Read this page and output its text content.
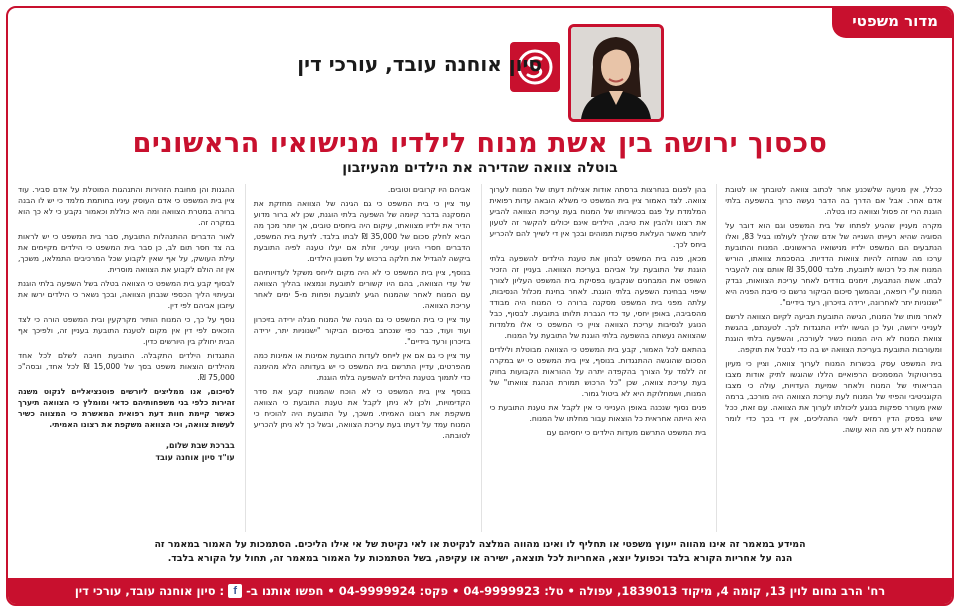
מדור משפטי
סיון אוחנה עובד, עורכי דין
סכסוך ירושה בין אשת מנוח לילדיו מנישואיו הראשונים
בוטלה צוואה שהדירה את הילדים מהעיזבון

ככלל, אין מניעה שלשכנע אחר לכתוב צוואה לטובתך או לטובת אדם אחר. אבל אם הדרך בה הדבר נעשה כרוך בהשפעה בלתי הוגנת הרי זה פסול וצוואה כזו בטלה.

מקרה מעניין שהגיע לפתחו של בית המשפט וגם הוא דובר על הסוגיה שהיא רעייתו השנייה של אדם שהלך לעולמו בגיל 83, ואלו הנתבעים הם המשפט ילדיו מנישואיו הראשונים. המנוח והתובעת ערכו מה שנחזה להיות צוואות הדדיות. בהסכמת צוואתו, הוריש המנוח את כל רכושו לתובעת. מלבד 35,000 ₪ אותם צוה להעביר לבתו. אשת הנתבעת, זימנים בודדים לאחר עריכת הצוואות, נבדק המנוח ע"י רופאה, ובהמשך סיכום הביקור נרשם כי סיבת הפניה היא "ישנוניות יתר לאחרונה, ירידה בזיכרון, רעד בידיים".

לאחר מותו של המנוח, הגישה התובעת תביעה לקיום הצוואה לרשם לענייני ירושה, ועל כן הגישו ילדיו התנגדות לכך. לטענתם, בהגשת צוואת המנוח לא היה המנוח כשיר לעורכה, והשפעה בלתי הוגנת ומעורבות התובעת בעריכת הצוואה יש בה כדי לבטל את תוקפה.

בית המשפט עסק בכשרות המנוח לערוך צוואה, וציין כי מעיון בפרוטוקול המסמכים הרפואיים הללו שהוגשו לתיק אודות מצבו הבריאותי של המנוח ולאחר שמיעת העדויות, עולה כי מצבו הקוגניטיבי והפיזי של המנוח לעת עריכת הצוואה היה מורכב, ברמה שאין מעורר ספקות בנוגע ליכולתו לערוך את הצוואה. עם זאת, ככל שיש בפסק הדין רמזים לשני התהליכים, אין די בכך כדי לומר שהמנוח לא ידע מה הוא עושה.

בהן לפגום בנחרצות ברסתה אודות אצילות דעתו של המנוח לערוך צוואה. לצד האמור ציין בית המשפט כי משלא הובאה עדות רפואית המלמדת על פגם בכשירותו של המנוח בעת עריכת הצוואה להביע את רצונו ולהבין את טיבה, הילדים אינם יכולים להקשר זה לטעון ליותר מאשר העלאת ספקות תמוהים ובכך אין די לשייך להם להכריע ביחס לכך.

מכאן, פנה בית המשפט לבחון את טענת הילדים להשפעה בלתי הוגנת של התובעת על אביהם בעריכת הצוואה. בעניין זה הזכיר השופט את המבחנים שנקבעו בפסיקת בית המשפט העליון לצורך שיפוי בבחינת השפעה בלתי הוגנת. לאחר בחינת מכלול הנסיבות, עלתה מפני בית המשפט מסקנה ברורה כי המנוח היה מבודד מהסביבה, באופן יחסי, עד כדי הגברת תלותו בתובעת. לבסוף, כבל הנוגע לנסיבות עריכת הצוואה צויין כי המשפט כי אלו מלמדות שהצוואה נעשתה בהשפעה בלתי הוגנת של התובעת על המנוח.

בהתאם לכל האמור, קבע בית המשפט כי הצוואה מבוטלת ולילדים הסכום שהוגשה ההתנגדות. בנוסף, ציין בית המשפט כי יש במקרה זה ללמד על הצורך בהקפדה יתרה על ההוראות הקבועות בחוק בעת עריכת צוואה, שכן "כל הרכוש תמורת הנהגת צוואתו" של המנוח, ושמחלוקת היא לא ביטול גמור.

פנים נסוף שנכנה באופן הענייני כי אין לקבל את טענת התובעת כי היא הייתה אחראית כל הוצאות עבור מחלתו של המנוח.

בית המשפט התרשם מעדות הילדים כי יחסיהם עם

אביהם היו קרובים וטובים.

עוד ציין כי בית המשפט כי גם הגינה של הצוואה מחזקת את המסקנה בדבר קיומה של השפעה בלתי הוגנת, שכן לא ברור מדוע הדיר את ילדיו מצוואתו, עיקום היה ביחסים טובים, אך יותר מכך מה הביא לחלק סכום של 35,000 ₪ לבתו בלבד. לדעת בית המשפט, הדברים חסרי היגיון ענייני, זולת אם יעלו טענה לפיה התובעת ביקשה להגדיל את חלקה ברכוש על חשבון הילדים.

בנוסף, ציין בית המשפט כי לא היה מקום לייחס משקל לעדויותיהם של עדי הצוואה, בהם היו קשורים לתובעת ונמצאו בהליך הצוואה עם המנוח לאחר שהמנוח הגיע לתובעת ופחות מ-5 ימים לאחר עריכת הצוואה.

עוד ציין כי בית המשפט כי גם הגינה של המנוח מגלה ירידה בזיכרון ועוד ועוד, כבר כפי שנכתב בסיכום הביקור "ישנוניות יתר, ירידה בזיכרון ורעד בידיים".

עוד ציין כי גם אם אין לייחס לעדות התובעת אמינות או אמינות כמה מהפרטים, עדיין התרשם בית המשפט כי יש בעדותה הלא מהימנה כדי לתמוך בטענת הילדים להשפעה בלתי הוגנת.

בנוסף ציין בית המשפט כי לא הוכח שהמנוח קבע את סדר הקדימויות, ולכן לא ניתן לקבל את טענת התובעת כי הצוואה משקפת את רצונו האמיתי. משכך, על התובעת היה להוכיח כי המנוח עמד על דעתו בעת עריכת הצוואה, ובשל כך לא ניתן להכריע לטובתה.

ההגנות והן מחובת הזהירות והתנהגות המוטלת על אדם סביר. עוד ציין בית המשפט כי אדם העוסק עיניו בחותמת מלמד כי יש לו הבנה ברורה במטרת הצוואה ומה היא כוללת וכאמור נקבע כי לא כך הוא במקרה זה.

לאור הדברים ההתנהלות התובעת, סבר בית המשפט כי יש לראות בה צד חסר תום לב, כן סבר בית המשפט כי הילדים מקיימים את עילת העושק, על אף שאין לקבוע שכל המרכיבים התמלאו, משכך, אין זה הולם לקבוע את הצוואה מוסרית.

לבסוף קבע בית המשפט כי הצוואה בטלה בשל השפעה בלתי הוגנת ובעיתוי הליך הכספי שנבחן הצוואה, ובכך נשאר כי הילדים ירשו את עיזבון אביהם לפי דין.

נוסף על כך, כי המנוח הותיר מקרקעין ובית המשפט הורה כי לצד הזכאים לפי דין אין מקום לטענת התובעת בעניין זה, ולפיכך אף הבית יחולק בין היורשים כדין.

התנגדות הילדים התקבלה. התובעת חויבה לשלם לכל אחד מהילדים הוצאות משפט בסך של 15,000 ₪ לכל אחד, ובסה"כ 75,000 ₪.

לסיכום, אנו ממליצים ליורשים פוטנציאליים לנקוט משנה זהירות כלפי בני משפחותיהם כדאי ומומלץ כי הצוואה תיערך כאשר קיימת חוות דעת רפואית המאשרת כי המצווה כשיר לעשות צוואה, וכי הצוואה משקפת את רצונו האמיתי.

בברכת שבת שלום,
עו"ד סיון אוחנה עובד
המידע במאמר זה אינו מהווה ייעוץ משפטי או תחליף לו ואינו מהווה המלצה לנקיטת או לאי נקיטת של אי אילו הליכים. הסתמכות על האמור במאמר זה
הנה על אחריות הקורא בלבד וכפועל יוצא, האחריות לכל תוצאה, ישירה או עקיפה, בשל הסתמכות על האמור במאמר זה, תחול על הקורא בלבד.
רח' הרב נחום לוין 13, קומה 4, מיקוד 1839013, עפולה • טל: 04-9999923 • פקס: 04-9999924 • חפשו אותנו ב-
f
: סיון אוחנה עובד, עורכי דין
